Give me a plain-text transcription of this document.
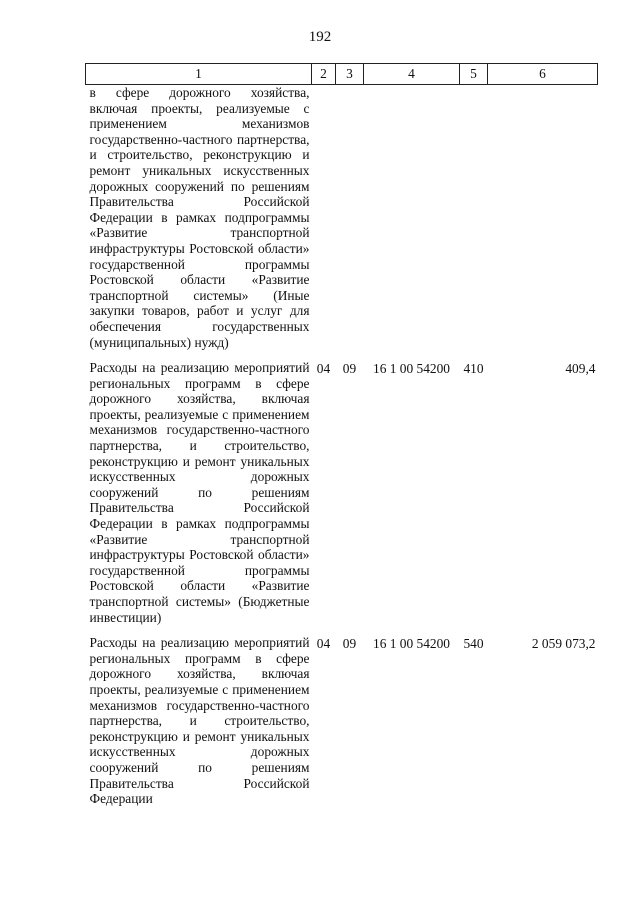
192
1	2	3	4	5	6
в сфере дорожного хозяйства, включая проекты, реализуемые с применением механизмов государственно-частного партнерства, и строительство, реконструкцию и ремонт уникальных искусственных дорожных сооружений по решениям Правительства Российской Федерации в рамках подпрограммы «Развитие транспортной инфраструктуры Ростовской области» государственной программы Ростовской области «Развитие транспортной системы» (Иные закупки товаров, работ и услуг для обеспечения государственных (муниципальных) нужд)					
Расходы на реализацию мероприятий региональных программ в сфере дорожного хозяйства, включая проекты, реализуемые с применением механизмов государственно-частного партнерства, и строительство, реконструкцию и ремонт уникальных искусственных дорожных сооружений по решениям Правительства Российской Федерации в рамках подпрограммы «Развитие транспортной инфраструктуры Ростовской области» государственной программы Ростовской области «Развитие транспортной системы» (Бюджетные инвестиции)	04	09	16 1 00 54200	410	409,4
Расходы на реализацию мероприятий региональных программ в сфере дорожного хозяйства, включая проекты, реализуемые с применением механизмов государственно-частного партнерства, и строительство, реконструкцию и ремонт уникальных искусственных дорожных сооружений по решениям Правительства Российской Федерации	04	09	16 1 00 54200	540	2 059 073,2
